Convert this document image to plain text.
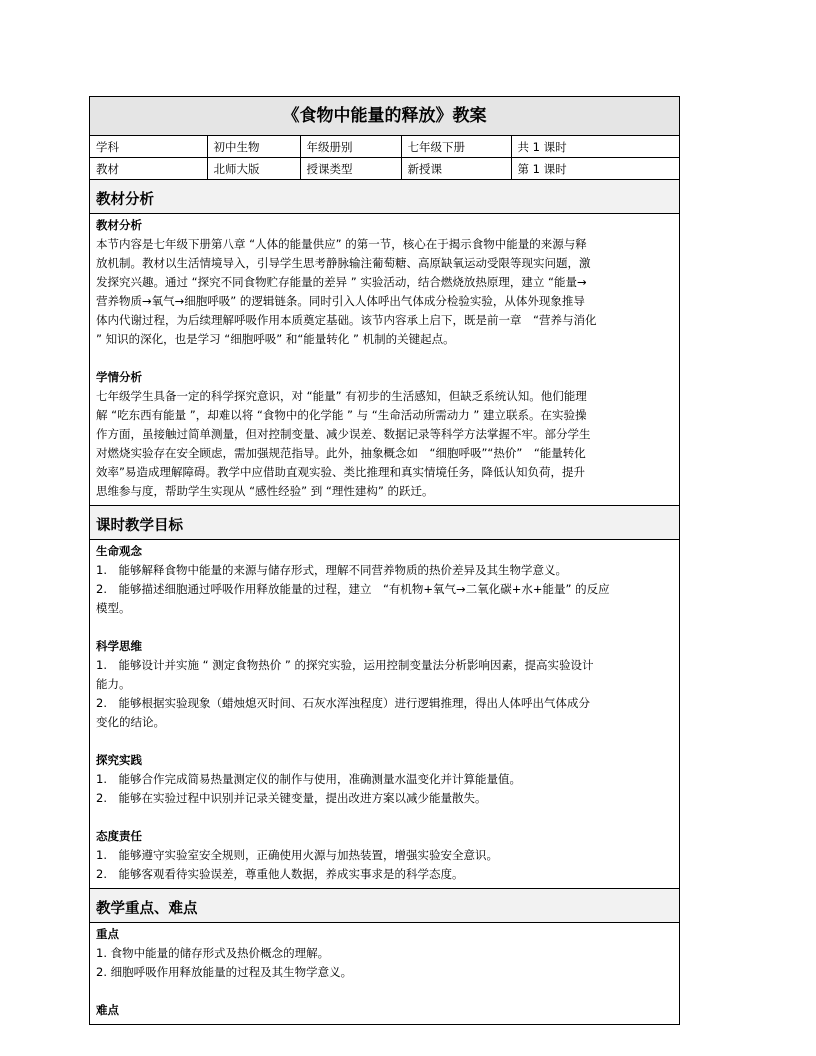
《食物中能量的释放》教案
学科	初中生物	年级册别	七年级下册	共 1 课时
教材	北师大版	授课类型	新授课	第 1 课时
教材分析
教材分析
本节内容是七年级下册第八章 “人体的能量供应” 的第一节，核心在于揭示食物中能量的来源与释
放机制。教材以生活情境导入，引导学生思考静脉输注葡萄糖、高原缺氧运动受限等现实问题，激
发探究兴趣。通过 “探究不同食物贮存能量的差异 ” 实验活动，结合燃烧放热原理，建立 “能量→
营养物质→氧气→细胞呼吸” 的逻辑链条。同时引入人体呼出气体成分检验实验，从体外现象推导
体内代谢过程，为后续理解呼吸作用本质奠定基础。该节内容承上启下，既是前一章　“营养与消化
” 知识的深化，也是学习 “细胞呼吸” 和“能量转化 ” 机制的关键起点。
学情分析
七年级学生具备一定的科学探究意识，对 “能量” 有初步的生活感知，但缺乏系统认知。他们能理
解 “吃东西有能量 ”，却难以将 “食物中的化学能 ” 与 “生命活动所需动力 ” 建立联系。在实验操
作方面，虽接触过简单测量，但对控制变量、减少误差、数据记录等科学方法掌握不牢。部分学生
对燃烧实验存在安全顾虑，需加强规范指导。此外，抽象概念如　“细胞呼吸”“热价”　“能量转化
效率”易造成理解障碍。教学中应借助直观实验、类比推理和真实情境任务，降低认知负荷，提升
思维参与度，帮助学生实现从 “感性经验” 到 “理性建构” 的跃迁。
课时教学目标
生命观念
1.　能够解释食物中能量的来源与储存形式，理解不同营养物质的热价差异及其生物学意义。
2.　能够描述细胞通过呼吸作用释放能量的过程，建立　“有机物+氧气→二氧化碳+水+能量” 的反应
模型。
科学思维
1.　能够设计并实施 “ 测定食物热价 ” 的探究实验，运用控制变量法分析影响因素，提高实验设计
能力。
2.　能够根据实验现象（蜡烛熄灭时间、石灰水浑浊程度）进行逻辑推理，得出人体呼出气体成分
变化的结论。
探究实践
1.　能够合作完成简易热量测定仪的制作与使用，准确测量水温变化并计算能量值。
2.　能够在实验过程中识别并记录关键变量，提出改进方案以减少能量散失。
态度责任
1.　能够遵守实验室安全规则，正确使用火源与加热装置，增强实验安全意识。
2.　能够客观看待实验误差，尊重他人数据，养成实事求是的科学态度。
教学重点、难点
重点
1. 食物中能量的储存形式及热价概念的理解。
2. 细胞呼吸作用释放能量的过程及其生物学意义。
难点
